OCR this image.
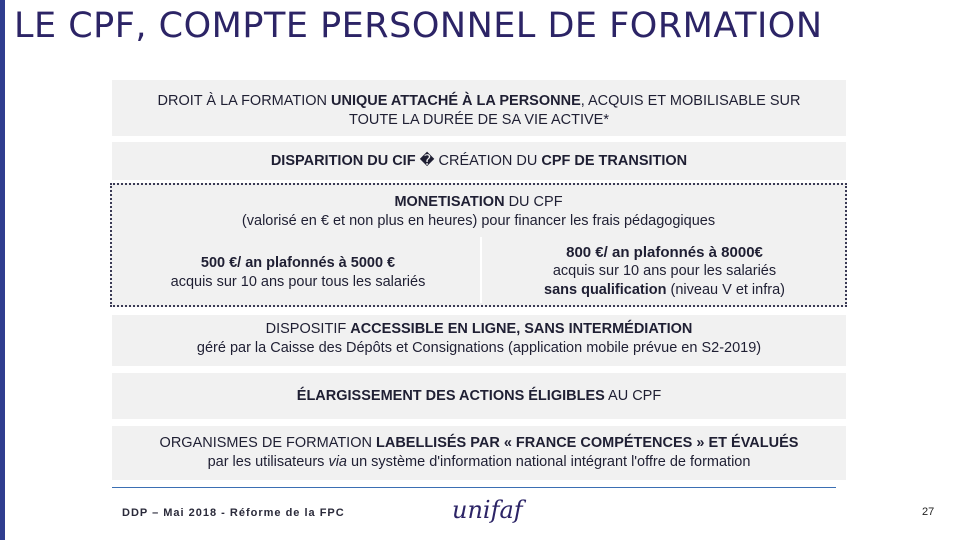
LE CPF, COMPTE PERSONNEL DE FORMATION
DROIT À LA FORMATION UNIQUE ATTACHÉ À LA PERSONNE, ACQUIS ET MOBILISABLE SUR
TOUTE LA DURÉE DE SA VIE ACTIVE*
DISPARITION DU CIF � CRÉATION DU CPF DE TRANSITION
MONETISATION DU CPF
(valorisé en € et non plus en heures) pour financer les frais pédagogiques
500 €/ an plafonnés à 5000 €
acquis sur 10 ans pour tous les salariés
800 €/ an plafonnés à 8000€
acquis sur 10 ans pour les salariés
sans qualification (niveau V et infra)
DISPOSITIF ACCESSIBLE EN LIGNE, SANS INTERMÉDIATION
géré par la Caisse des Dépôts et Consignations (application mobile prévue en S2-2019)
ÉLARGISSEMENT DES ACTIONS ÉLIGIBLES AU CPF
ORGANISMES DE FORMATION LABELLISÉS PAR « FRANCE COMPÉTENCES » ET ÉVALUÉS
par les utilisateurs via un système d'information national intégrant l'offre de formation
DDP – Mai 2018 - Réforme de la FPC	unifaf	27
